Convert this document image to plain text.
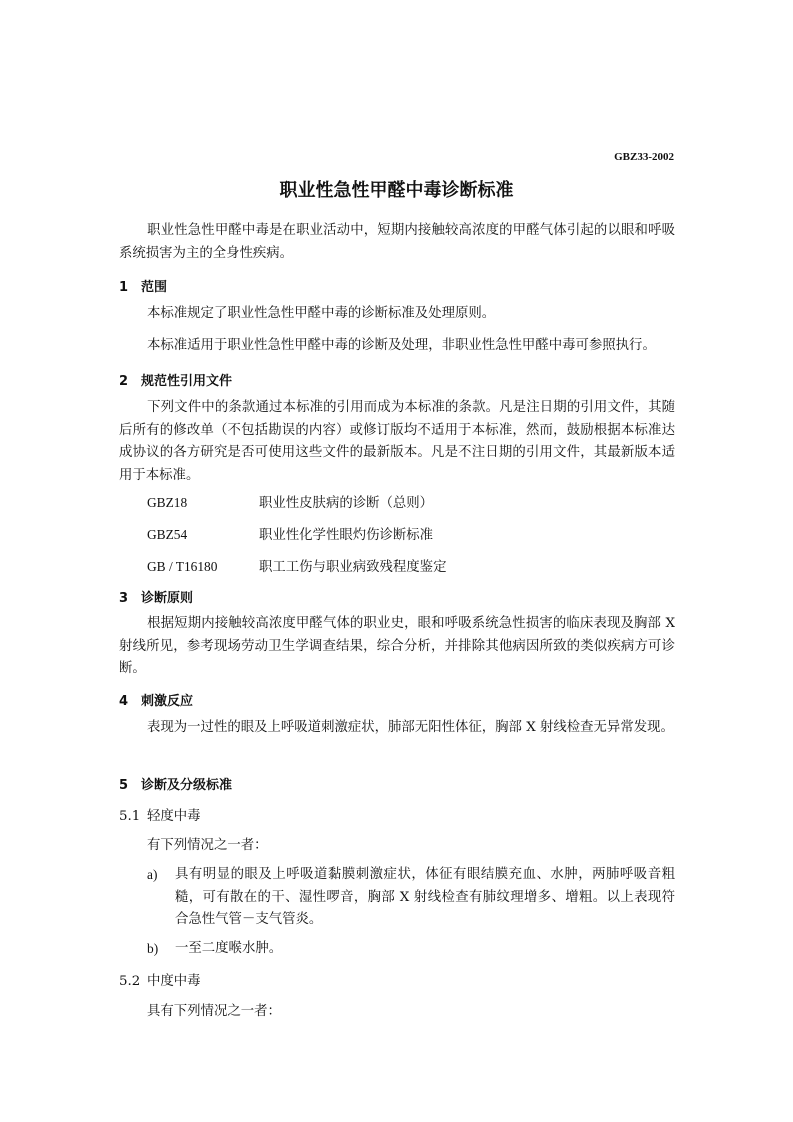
GBZ33-2002
职业性急性甲醛中毒诊断标准
职业性急性甲醛中毒是在职业活动中，短期内接触较高浓度的甲醛气体引起的以眼和呼吸系统损害为主的全身性疾病。
1 范围
本标准规定了职业性急性甲醛中毒的诊断标准及处理原则。
本标准适用于职业性急性甲醛中毒的诊断及处理，非职业性急性甲醛中毒可参照执行。
2 规范性引用文件
下列文件中的条款通过本标准的引用而成为本标准的条款。凡是注日期的引用文件，其随后所有的修改单（不包括勘误的内容）或修订版均不适用于本标准，然而，鼓励根据本标准达成协议的各方研究是否可使用这些文件的最新版本。凡是不注日期的引用文件，其最新版本适用于本标准。
GBZ18	职业性皮肤病的诊断（总则）
GBZ54	职业性化学性眼灼伤诊断标准
GB / T16180	职工工伤与职业病致残程度鉴定
3 诊断原则
根据短期内接触较高浓度甲醛气体的职业史，眼和呼吸系统急性损害的临床表现及胸部 X 射线所见，参考现场劳动卫生学调查结果，综合分析，并排除其他病因所致的类似疾病方可诊断。
4 刺激反应
表现为一过性的眼及上呼吸道刺激症状，肺部无阳性体征，胸部 X 射线检查无异常发现。
5 诊断及分级标准
5.1 轻度中毒
有下列情况之一者：
a) 具有明显的眼及上呼吸道黏膜刺激症状，体征有眼结膜充血、水肿，两肺呼吸音粗糙，可有散在的干、湿性啰音，胸部 X 射线检查有肺纹理增多、增粗。以上表现符合急性气管－支气管炎。
b) 一至二度喉水肿。
5.2 中度中毒
具有下列情况之一者：
